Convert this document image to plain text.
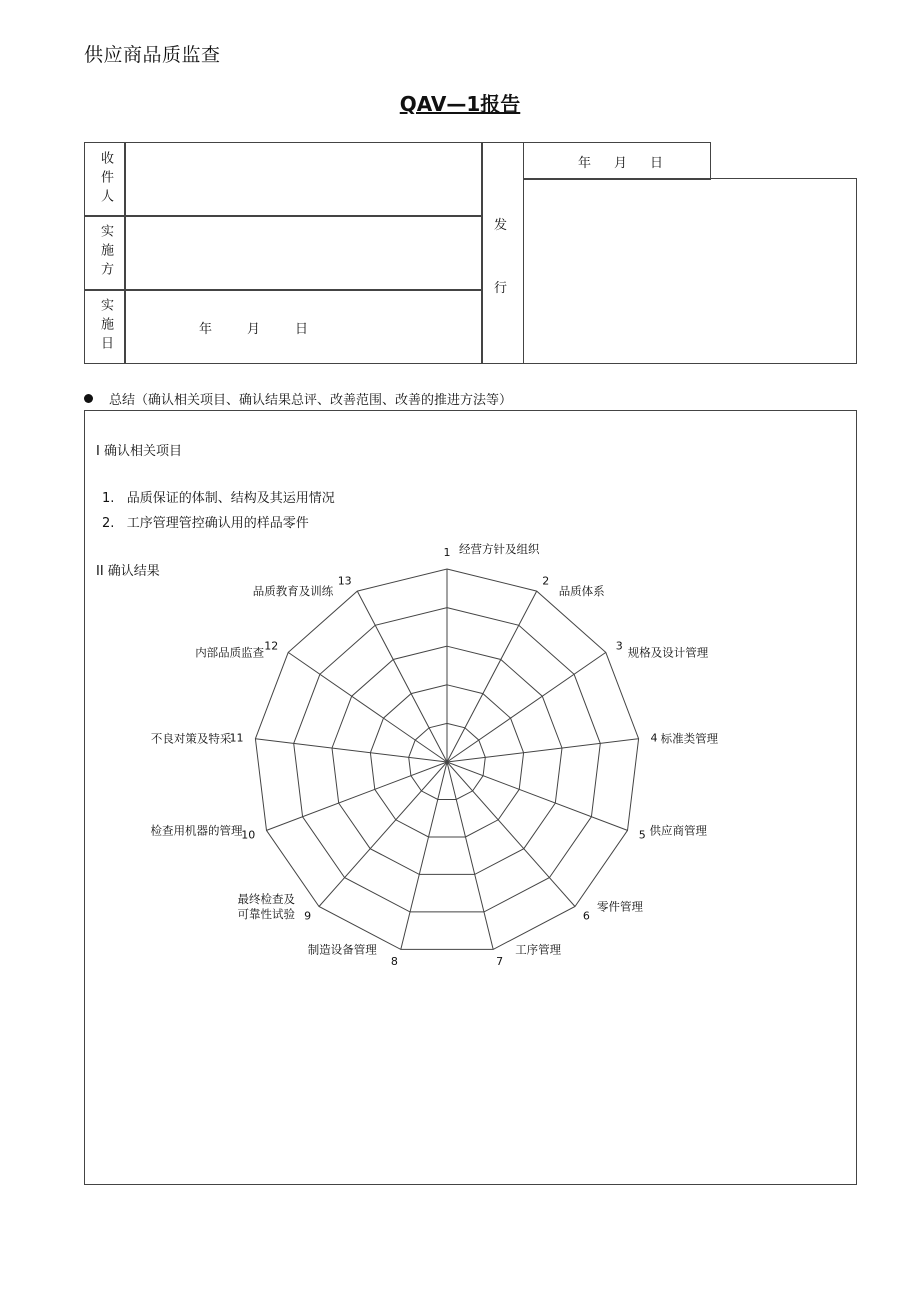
供应商品质监查
QAV—1报告
收件人
实施方
实施日	年	月	日
发
行
年 月 日
总结（确认相关项目、确认结果总评、改善范围、改善的推进方法等）
I 确认相关项目
1.   品质保证的体制、结构及其运用情况
2.   工序管理管控确认用的样品零件
II 确认结果
1 经营方针及组织
2
品质体系
3 规格及设计管理
4 标准类管理
5 供应商管理
6
零件管理
7
工序管理
8
制造设备管理
9
最终检查及可靠性试验
10
检查用机器的管理
11
不良对策及特采
12
内部品质监查
13
品质教育及训练
